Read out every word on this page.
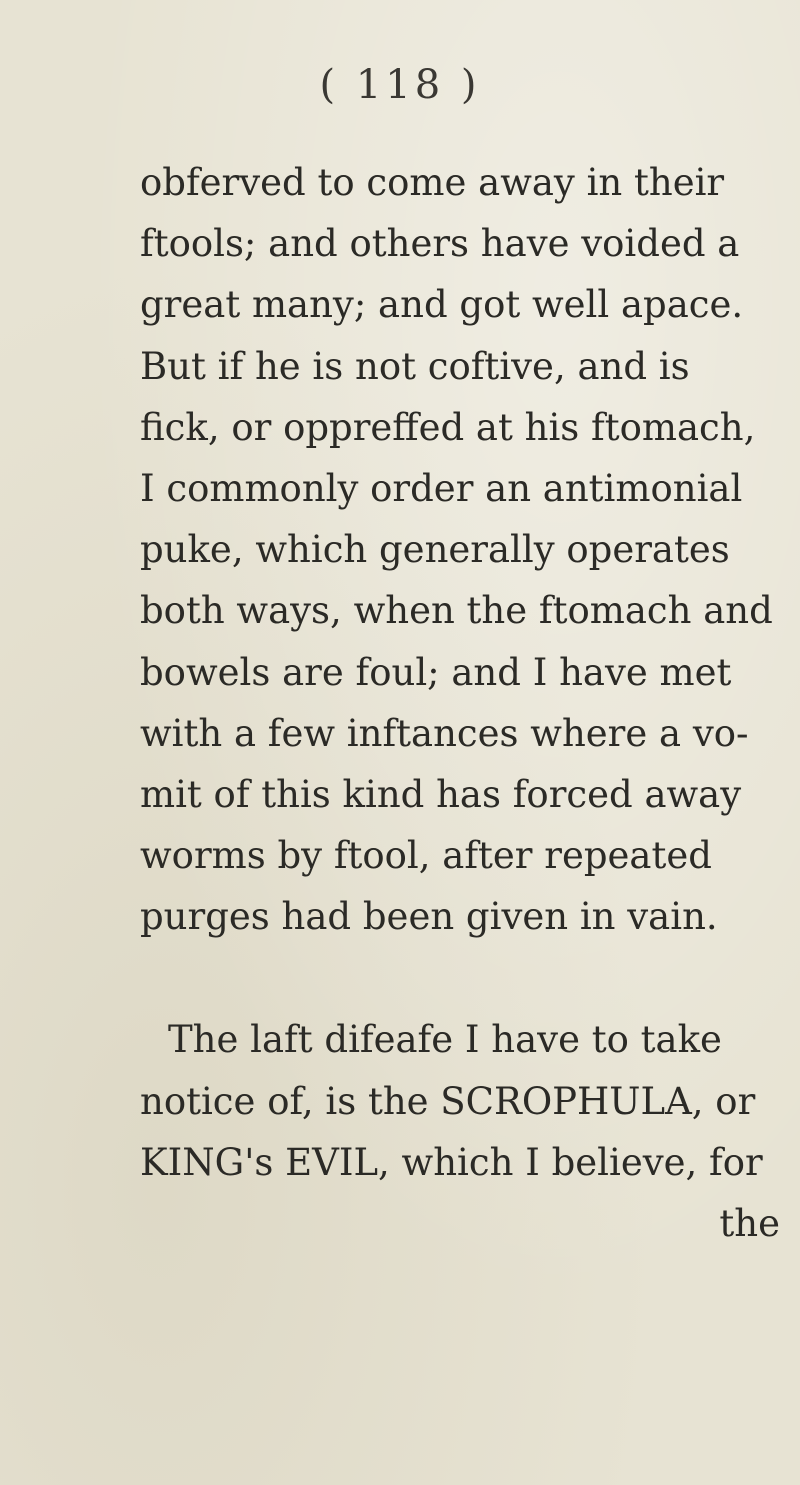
( 118 )
obferved to come away in their
ftools; and others have voided a
great many; and got well apace.
But if he is not coftive, and is
fick, or oppreffed at his ftomach,
I commonly order an antimonial
puke, which generally operates
both ways, when the ftomach and
bowels are foul; and I have met
with a few inftances where a vo-
mit of this kind has forced away
worms by ftool, after repeated
purges had been given in vain.
The laft difeafe I have to take
notice of, is the SCROPHULA, or
KING's EVIL, which I believe, for
the
